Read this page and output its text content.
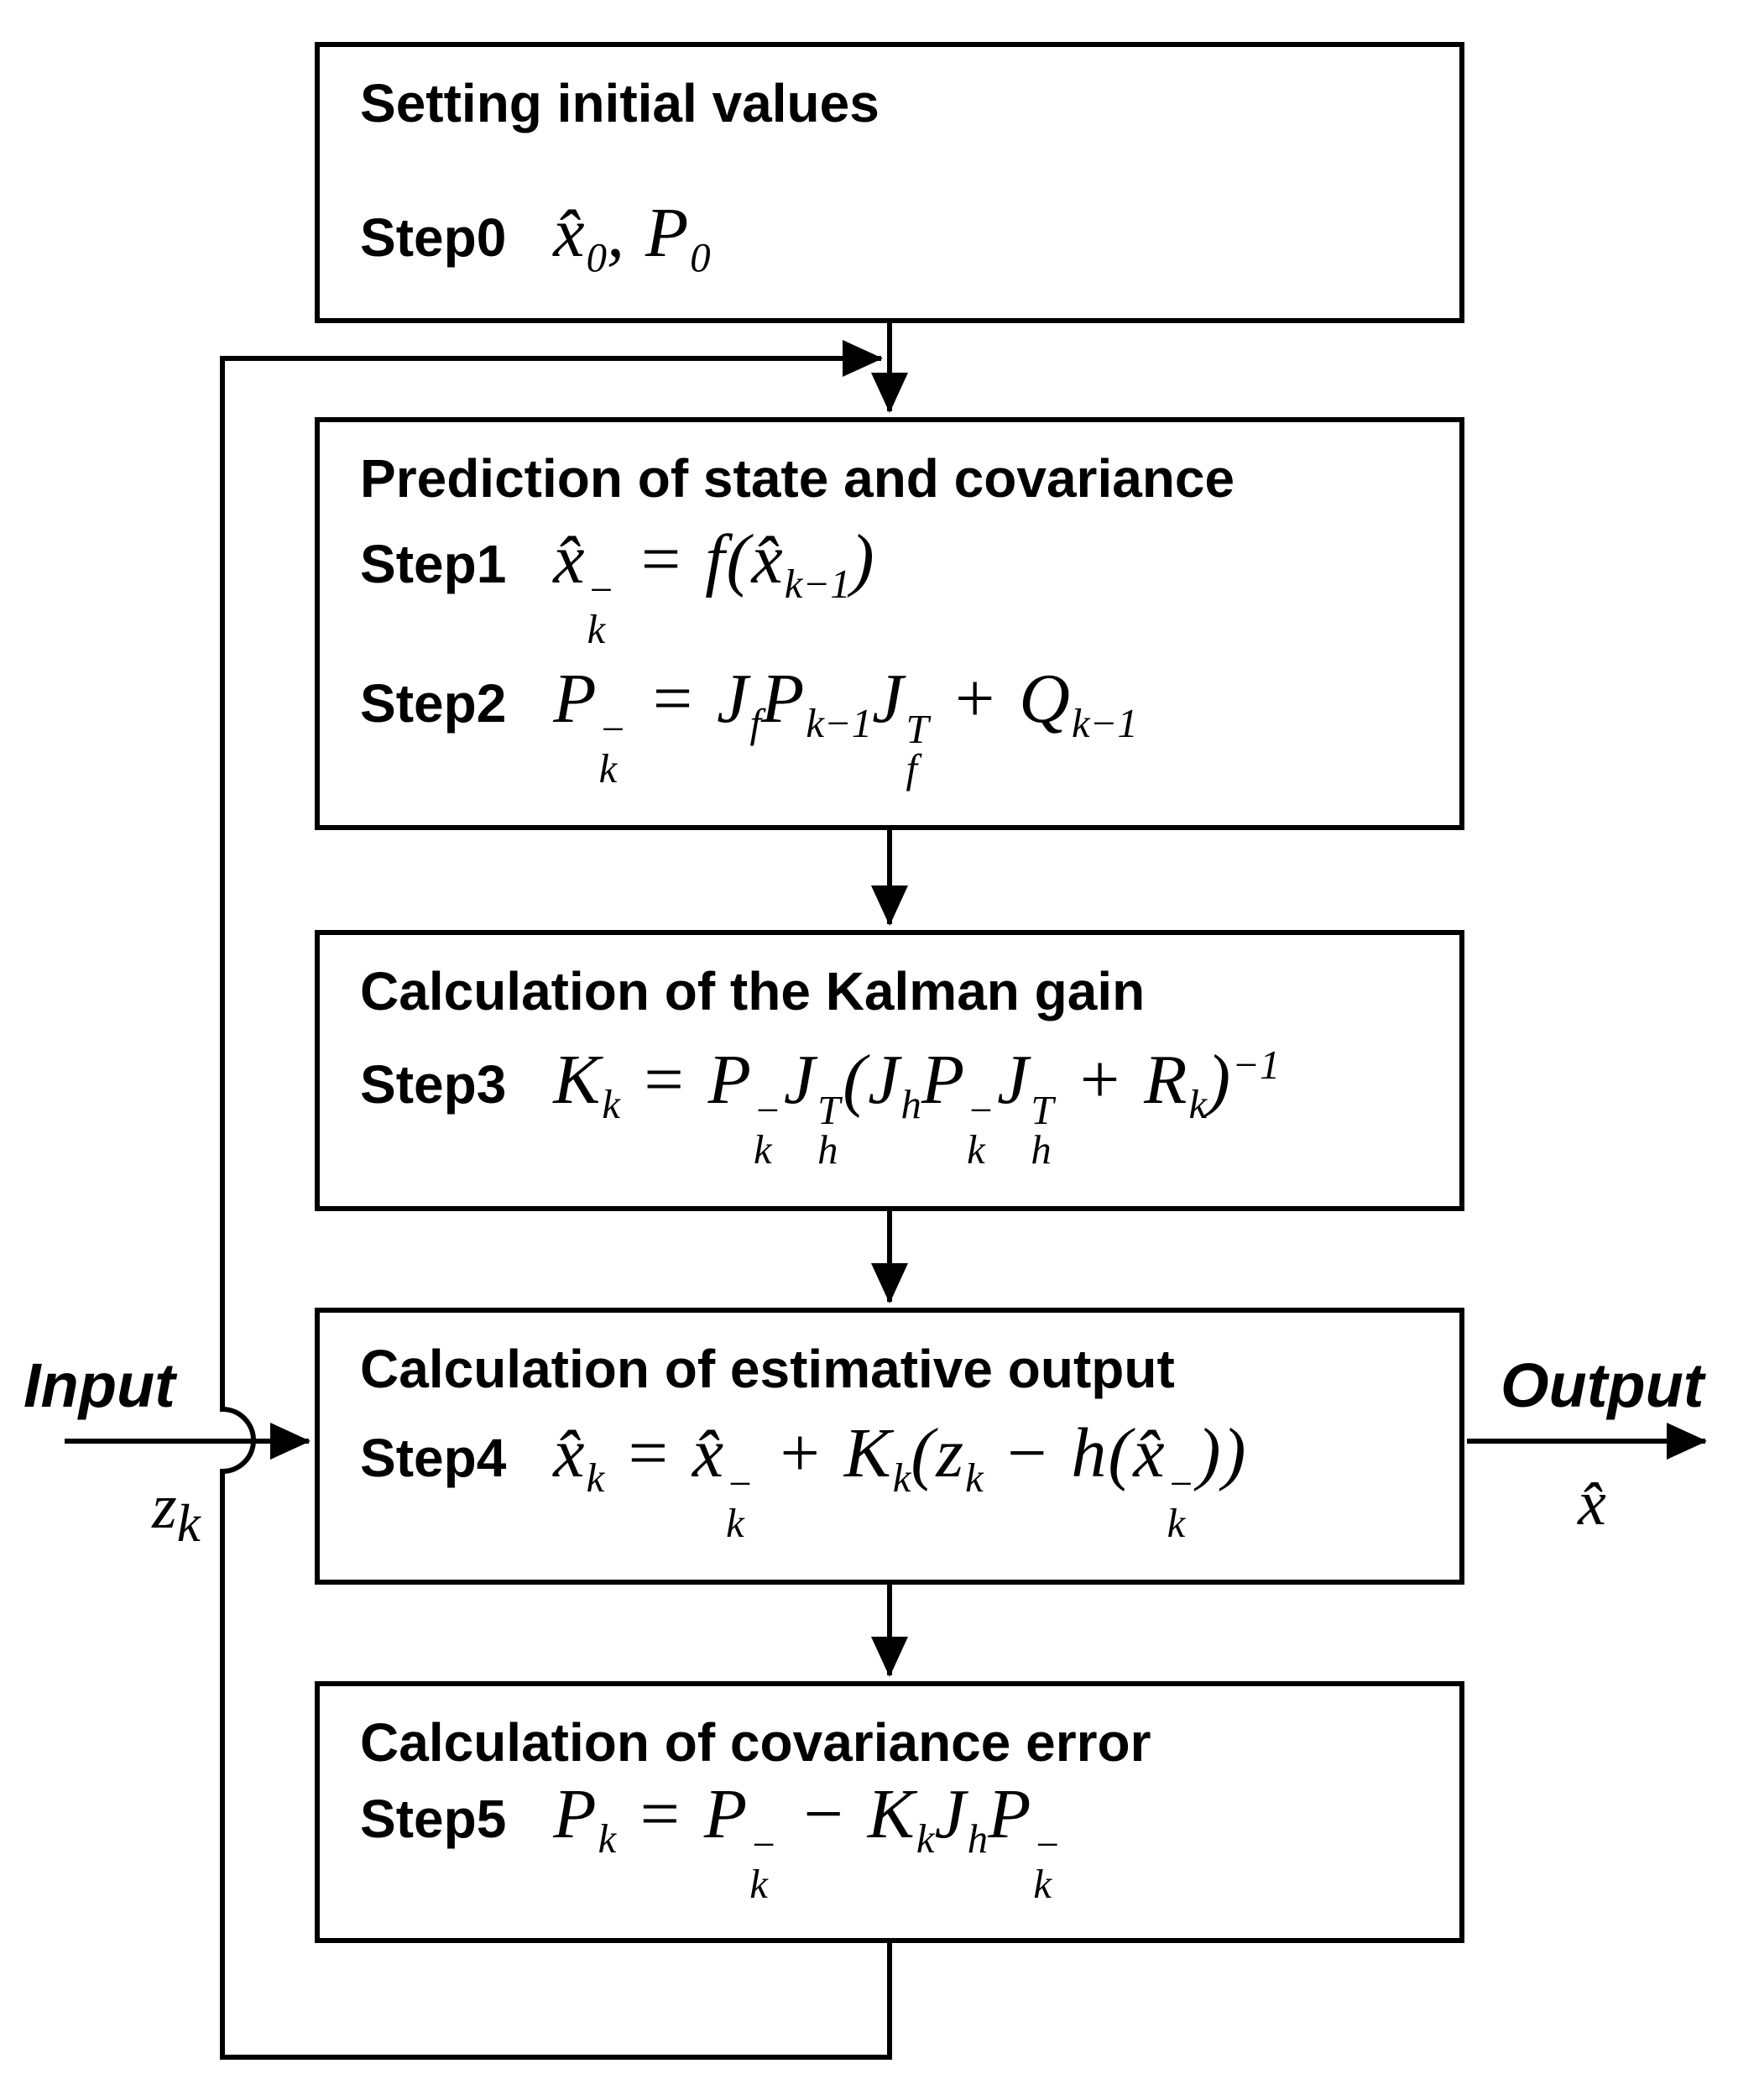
Setting initial values
Step0 $x̂_0$, $P_0$
Prediction of state and covariance
Step1 x̂ −
k
= $f(x̂_{k-1})$
Step2 P −
k
= $J_fP_{k-1}J$ T
f
+ $Q_{k-1}$
Calculation of the Kalman gain
Step3 $K_k = P$ −
k
J T
h
($J_hP$ −
k
J T
h
+ $R_k)^{-1}$
Calculation of estimative output
Step4 $x̂_k$ = x̂ −
k
+ $K_k(z_k$ − h(x̂ −
k
))
Calculation of covariance error
Step5 $P_k = P$ −
k
− $K_kJ_hP$ −
k
Input
$z_k$
Output
x̂
